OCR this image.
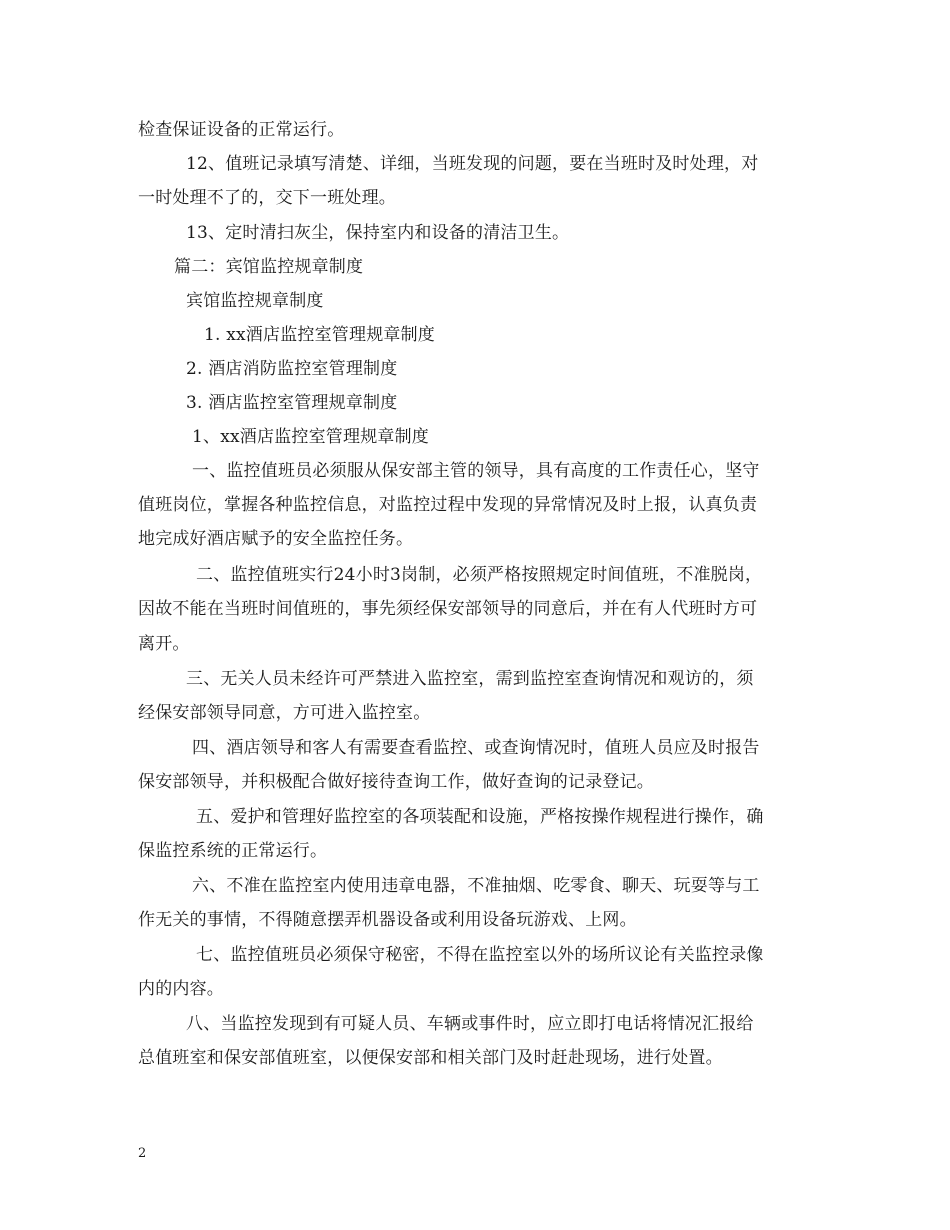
检查保证设备的正常运行。
12、值班记录填写清楚、详细，当班发现的问题，要在当班时及时处理，对
一时处理不了的，交下一班处理。
13、定时清扫灰尘，保持室内和设备的清洁卫生。
篇二：宾馆监控规章制度
宾馆监控规章制度
1. xx酒店监控室管理规章制度
2. 酒店消防监控室管理制度
3. 酒店监控室管理规章制度
1、xx酒店监控室管理规章制度
一、监控值班员必须服从保安部主管的领导，具有高度的工作责任心，坚守
值班岗位，掌握各种监控信息，对监控过程中发现的异常情况及时上报，认真负责
地完成好酒店赋予的安全监控任务。
二、监控值班实行24小时3岗制，必须严格按照规定时间值班，不准脱岗，
因故不能在当班时间值班的，事先须经保安部领导的同意后，并在有人代班时方可
离开。
三、无关人员未经许可严禁进入监控室，需到监控室查询情况和观访的，须
经保安部领导同意，方可进入监控室。
四、酒店领导和客人有需要查看监控、或查询情况时，值班人员应及时报告
保安部领导，并积极配合做好接待查询工作，做好查询的记录登记。
五、爱护和管理好监控室的各项装配和设施，严格按操作规程进行操作，确
保监控系统的正常运行。
六、不准在监控室内使用违章电器，不准抽烟、吃零食、聊天、玩耍等与工
作无关的事情，不得随意摆弄机器设备或利用设备玩游戏、上网。
七、监控值班员必须保守秘密，不得在监控室以外的场所议论有关监控录像
内的内容。
八、当监控发现到有可疑人员、车辆或事件时，应立即打电话将情况汇报给
总值班室和保安部值班室，以便保安部和相关部门及时赶赴现场，进行处置。
2
